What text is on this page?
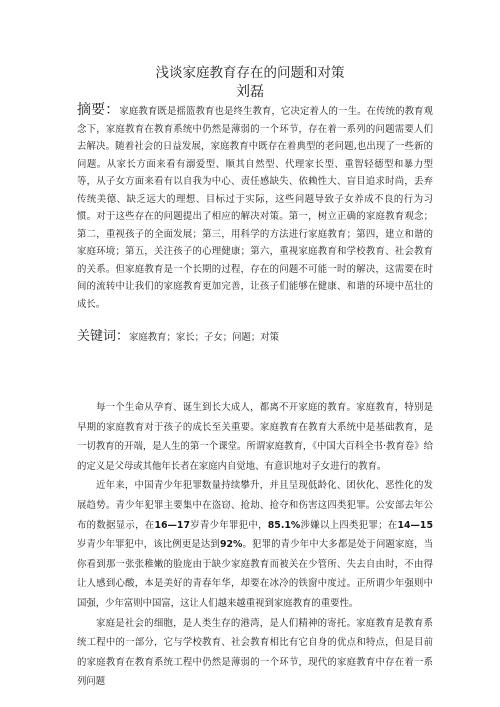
浅谈家庭教育存在的问题和对策
刘磊
摘要：家庭教育既是摇篮教育也是终生教育，它决定着人的一生。在传统的教育观念下，家庭教育在教育系统中仍然是薄弱的一个环节，存在着一系列的问题需要人们去解决。随着社会的日益发展，家庭教育中既存在着典型的老问题,也出现了一些新的问题。从家长方面来看有溺爱型、顺其自然型、代理家长型、重智轻德型和暴力型等，从子女方面来看有以自我为中心、责任感缺失、依赖性大、盲目追求时尚，丢弃传统美德、缺乏远大的理想、目标过于实际，这些问题导致子女养成不良的行为习惯。对于这些存在的问题提出了相应的解决对策。第一，树立正确的家庭教育观念；第二，重视孩子的全面发展；第三，用科学的方法进行家庭教育；第四，建立和谐的家庭环境；第五，关注孩子的心理健康；第六，重视家庭教育和学校教育、社会教育的关系。但家庭教育是一个长期的过程，存在的问题不可能一时的解决，这需要在时间的流转中让我们的家庭教育更加完善，让孩子们能够在健康、和谐的环境中茁壮的成长。
关键词：家庭教育；家长；子女；问题；对策

每一个生命从孕育、诞生到长大成人，都离不开家庭的教育。家庭教育，特别是早期的家庭教育对于孩子的成长至关重要。家庭教育在教育大系统中是基础教育，是一切教育的开端，是人生的第一个课堂。所谓家庭教育，《中国大百科全书·教育卷》给的定义是父母或其他年长者在家庭内自觉地、有意识地对子女进行的教育。

近年来，中国青少年犯罪数量持续攀升，并且呈现低龄化、团伙化、恶性化的发展趋势。青少年犯罪主要集中在盗窃、抢劫、抢夺和伤害这四类犯罪。公安部去年公布的数据显示，在16—17岁青少年罪犯中，85.1%涉嫌以上四类犯罪；在14—15岁青少年罪犯中，该比例更是达到92%。犯罪的青少年中大多都是处于问题家庭，当你看到那一张张稚嫩的脸庞由于缺少家庭教育而被关在少管所、失去自由时，不由得让人感到心酸，本是美好的青春年华，却要在冰冷的铁窗中度过。正所谓少年强则中国强，少年富则中国富，这让人们越来越重视到家庭教育的重要性。

家庭是社会的细胞，是人类生存的港湾，是人们精神的寄托。家庭教育是教育系统工程中的一部分，它与学校教育、社会教育相比有它自身的优点和特点，但是目前的家庭教育在教育系统工程中仍然是薄弱的一个环节，现代的家庭教育中存在着一系列问题
